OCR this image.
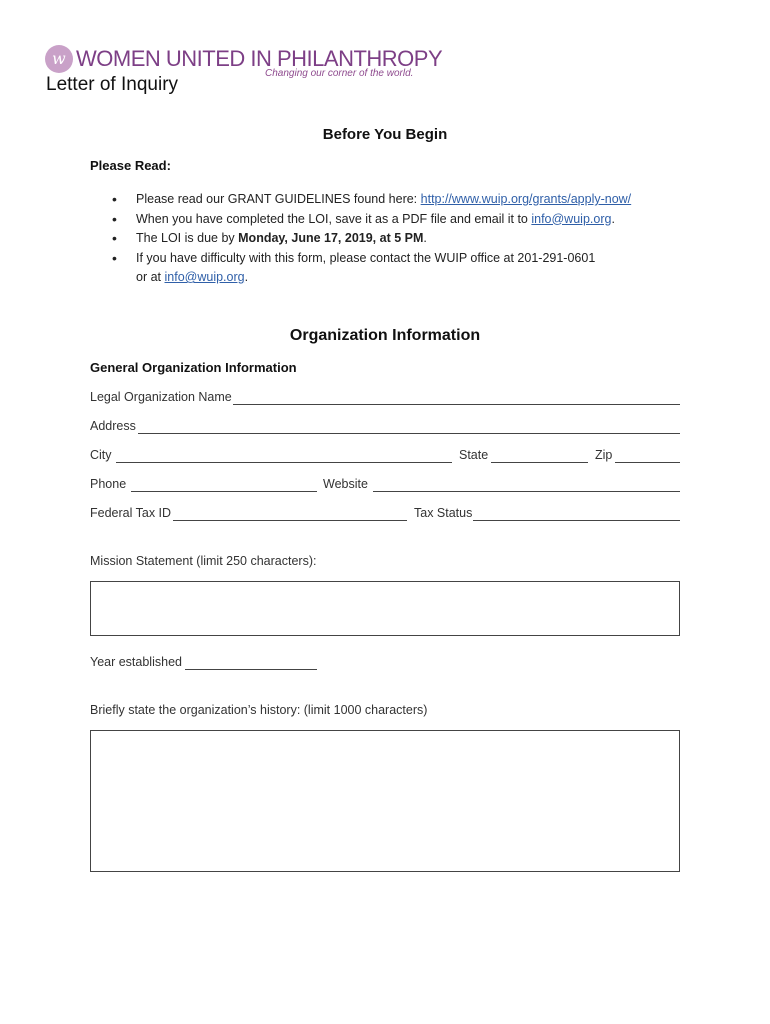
w WOMEN UNITED IN PHILANTHROPY
Changing our corner of the world.
Letter of Inquiry
Before You Begin
Please Read:
• Please read our GRANT GUIDELINES found here: http://www.wuip.org/grants/apply-now/
• When you have completed the LOI, save it as a PDF file and email it to info@wuip.org.
• The LOI is due by Monday, June 17, 2019, at 5 PM.
• If you have difficulty with this form, please contact the WUIP office at 201-291-0601
or at info@wuip.org.
Organization Information
General Organization Information
Legal Organization Name
Address
City	State	Zip
Phone	Website
Federal Tax ID	Tax Status
Mission Statement (limit 250 characters):
Year established
Briefly state the organization’s history: (limit 1000 characters)
